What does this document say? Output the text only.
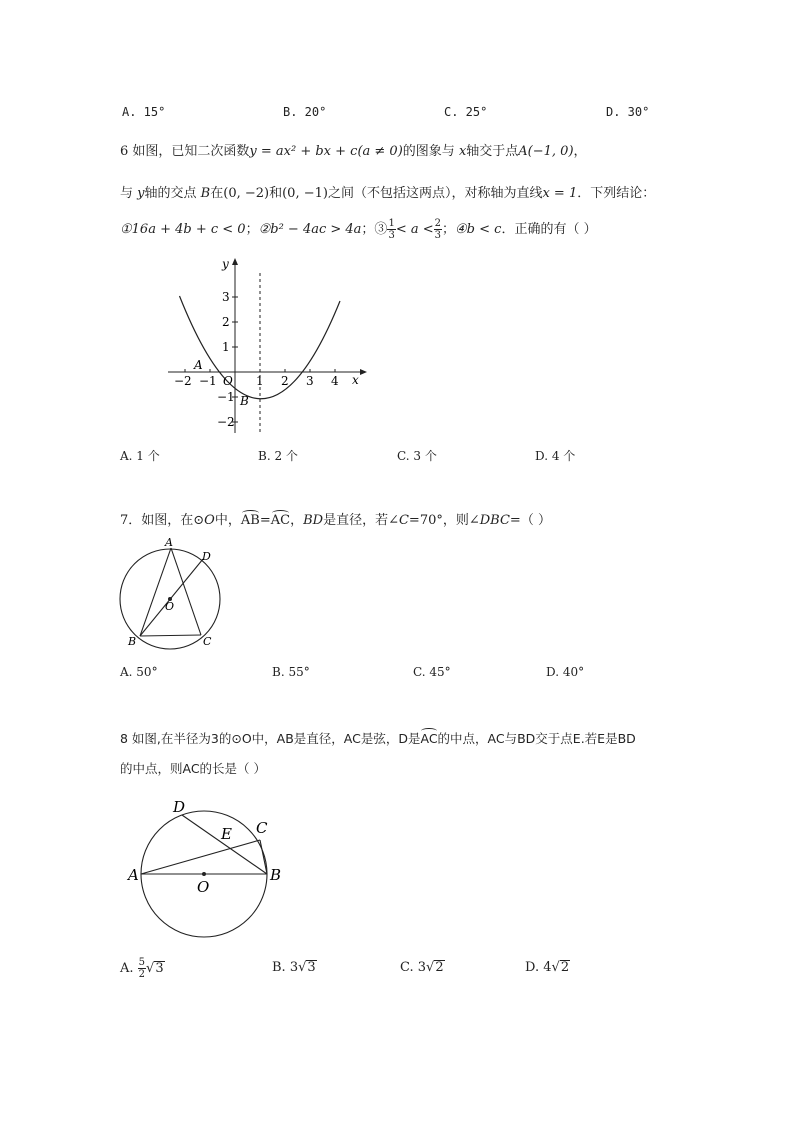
A. 15°	B. 20°	C. 25°	D. 30°
6 如图，已知二次函数y = ax² + bx + c(a ≠ 0)的图象与 x轴交于点A(−1, 0)，
与 y轴的交点 B在(0, −2)和(0, −1)之间（不包括这两点），对称轴为直线x = 1．下列结论：
①16a + 4b + c < 0；②b² − 4ac > 4a；③ $\frac{1}{3} < a < \frac{2}{3}$ ；④b < c．正确的有（ ）
y
x
O
A
B
3
2
1
−1
−2
−2 −1	1 2 3 4
A. 1 个	B. 2 个	C. 3 个	D. 4 个
7．如图，在⊙O中，AB=AC，BD是直径，若∠C=70°，则∠DBC=（ ）
A
D
O
B	C
A. 50°	B. 55°	C. 45°	D. 40°
8 如图,在半径为3的⊙O中，AB是直径，AC是弦，D是AC的中点，AC与BD交于点E.若E是BD
的中点，则AC的长是（ ）
D
E C
A	B
O
A. $\frac{5}{2} √3$	B. 3√3	C. 3√2	D. 4√2
